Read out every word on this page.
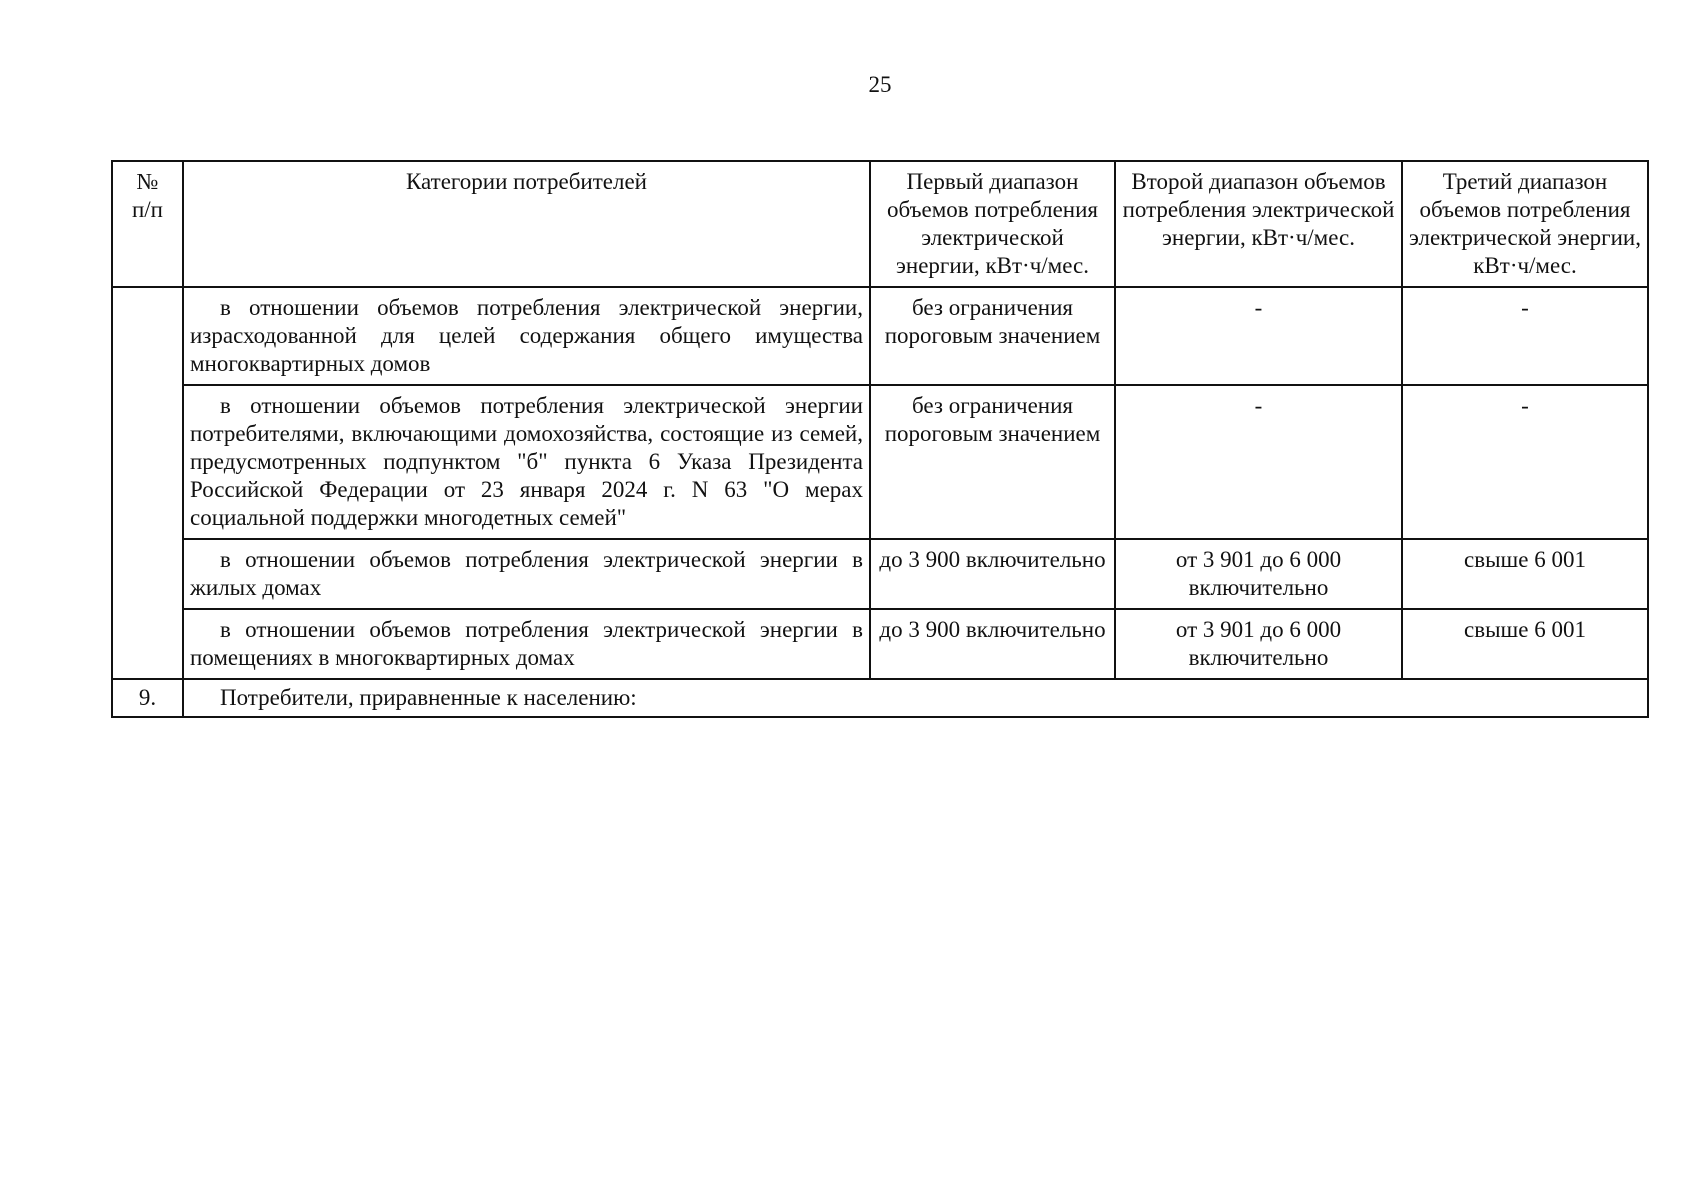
25
№
п/п	Категории потребителей	Первый диапазон объемов потребления электрической энергии, кВт·ч/мес.	Второй диапазон объемов потребления электрической энергии, кВт·ч/мес.	Третий диапазон объемов потребления электрической энергии, кВт·ч/мес.
	в отношении объемов потребления электрической энергии, израсходованной для целей содержания общего имущества многоквартирных домов	без ограничения пороговым значением	-	-
	в отношении объемов потребления электрической энергии потребителями, включающими домохозяйства, состоящие из семей, предусмотренных подпунктом "б" пункта 6 Указа Президента Российской Федерации от 23 января 2024 г. N 63 "О мерах социальной поддержки многодетных семей"	без ограничения пороговым значением	-	-
	в отношении объемов потребления электрической энергии в жилых домах	до 3 900 включительно	от 3 901 до 6 000 включительно	свыше 6 001
	в отношении объемов потребления электрической энергии в помещениях в многоквартирных домах	до 3 900 включительно	от 3 901 до 6 000 включительно	свыше 6 001
9.	Потребители, приравненные к населению:			
